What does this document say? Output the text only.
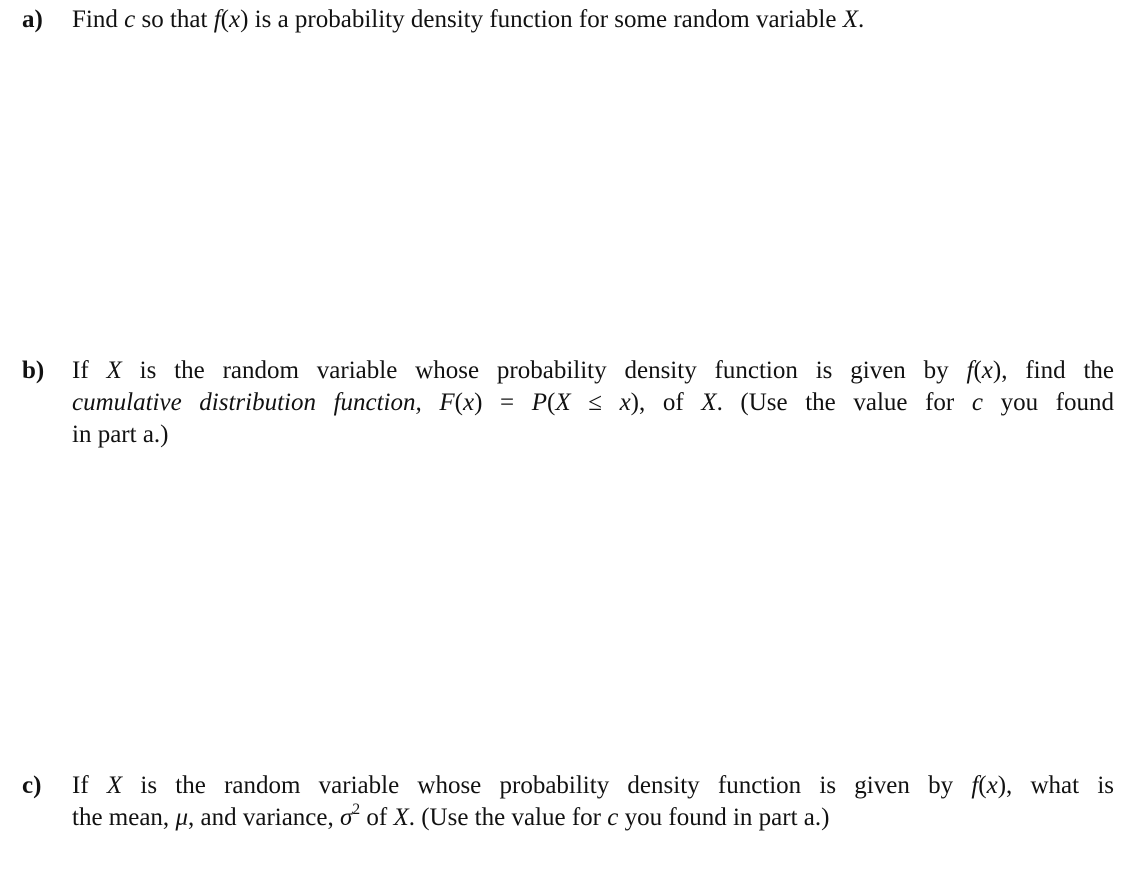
a) Find c so that f(x) is a probability density function for some random variable X.
b) If X is the random variable whose probability density function is given by f(x), find the
cumulative distribution function, F(x) = P(X ≤ x), of X. (Use the value for c you found
in part a.)
c) If X is the random variable whose probability density function is given by f(x), what is
the mean, μ, and variance, $\sigma^2$ of X. (Use the value for c you found in part a.)
